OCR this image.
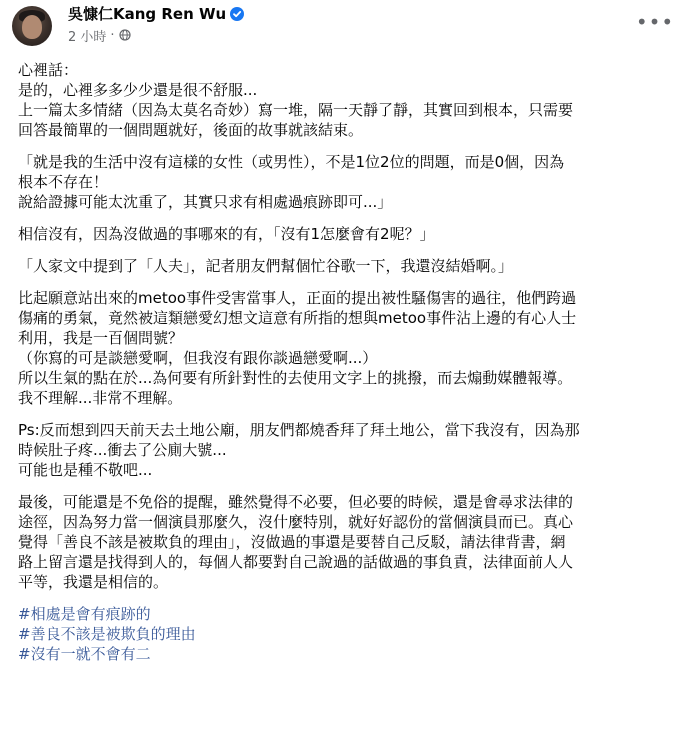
吳慷仁Kang Ren Wu
2 小時 ·
•••
心裡話：
是的，心裡多多少少還是很不舒服...
上一篇太多情緒（因為太莫名奇妙）寫一堆，隔一天靜了靜，其實回到根本，只需要
回答最簡單的一個問題就好，後面的故事就該結束。
「就是我的生活中沒有這樣的女性（或男性），不是1位2位的問題，而是0個，因為
根本不存在！
說給證據可能太沈重了，其實只求有相處過痕跡即可...」
相信沒有，因為沒做過的事哪來的有，「沒有1怎麼會有2呢？」
「人家文中提到了「人夫」，記者朋友們幫個忙谷歌一下，我還沒結婚啊。」
比起願意站出來的metoo事件受害當事人，正面的提出被性騷傷害的過往，他們跨過
傷痛的勇氣，竟然被這類戀愛幻想文這意有所指的想與metoo事件沾上邊的有心人士
利用，我是一百個問號？
（你寫的可是談戀愛啊，但我沒有跟你談過戀愛啊...）
所以生氣的點在於...為何要有所針對性的去使用文字上的挑撥，而去煽動媒體報導。
我不理解...非常不理解。
Ps:反而想到四天前天去土地公廟，朋友們都燒香拜了拜土地公，當下我沒有，因為那
時候肚子疼...衝去了公廁大號...
可能也是種不敬吧...
最後，可能還是不免俗的提醒，雖然覺得不必要，但必要的時候，還是會尋求法律的
途徑，因為努力當一個演員那麼久，沒什麼特別，就好好認份的當個演員而已。真心
覺得「善良不該是被欺負的理由」，沒做過的事還是要替自己反駁，請法律背書，網
路上留言還是找得到人的，每個人都要對自己說過的話做過的事負責，法律面前人人
平等，我還是相信的。
#相處是會有痕跡的
#善良不該是被欺負的理由
#沒有一就不會有二
